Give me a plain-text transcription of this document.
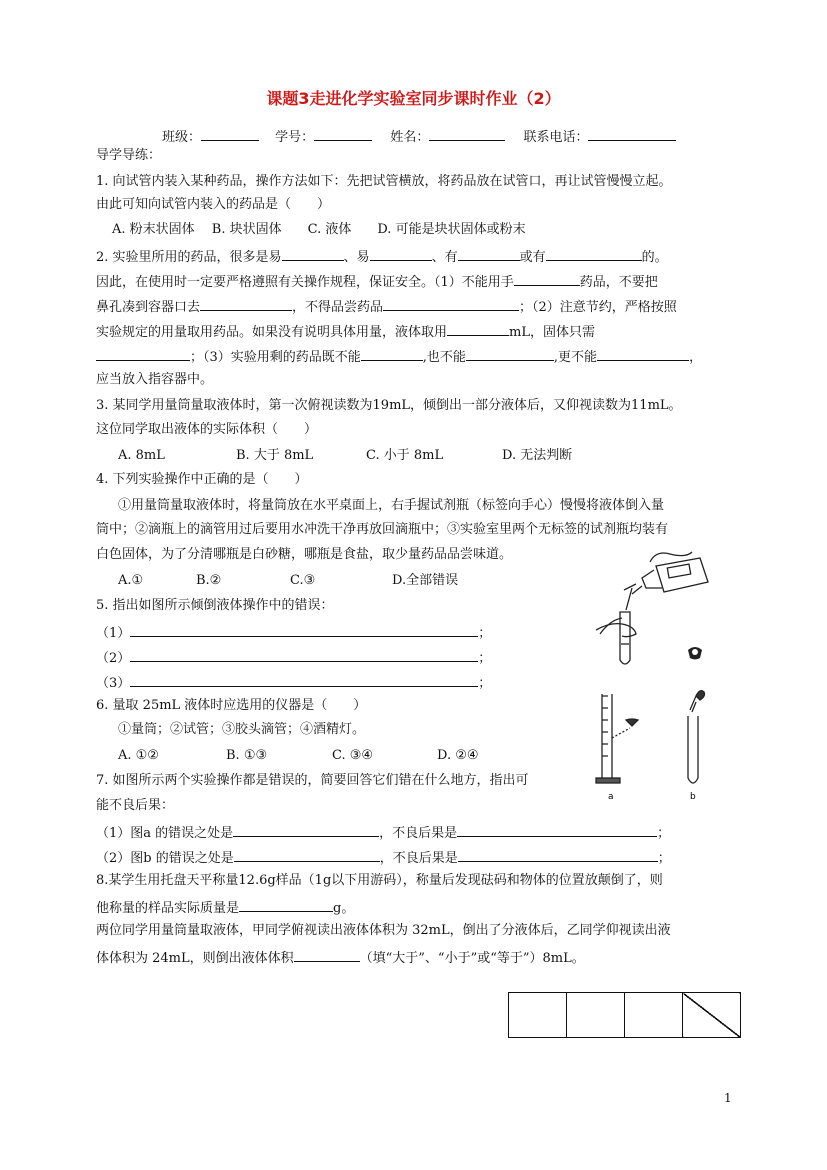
课题3走进化学实验室同步课时作业（2）
班级：	学号：	姓名：	联系电话：
导学导练：
1. 向试管内装入某种药品，操作方法如下：先把试管横放，将药品放在试管口，再让试管慢慢立起。
由此可知向试管内装入的药品是（　　）
A. 粉末状固体　 B. 块状固体　　C. 液体　　D. 可能是块状固体或粉末
2. 实验里所用的药品，很多是易	、易	、有	或有	的。
因此，在使用时一定要严格遵照有关操作规程，保证安全。（1）不能用手	药品，不要把
鼻孔凑到容器口去	，不得品尝药品	；（2）注意节约，严格按照
实验规定的用量取用药品。如果没有说明具体用量，液体取用	mL，固体只需
；（3）实验用剩的药品既不能	,也不能	,更不能	，
应当放入指容器中。
3. 某同学用量筒量取液体时，第一次俯视读数为19mL，倾倒出一部分液体后，又仰视读数为11mL。
这位同学取出液体的实际体积（　　）
A. 8mL	B. 大于 8mL	C. 小于 8mL	D. 无法判断
4. 下列实验操作中正确的是（　　）
①用量筒量取液体时，将量筒放在水平桌面上，右手握试剂瓶（标签向手心）慢慢将液体倒入量
筒中；②滴瓶上的滴管用过后要用水冲洗干净再放回滴瓶中；③实验室里两个无标签的试剂瓶均装有
白色固体，为了分清哪瓶是白砂糖，哪瓶是食盐，取少量药品品尝味道。
A.①	B.②	C.③	D.全部错误
5. 指出如图所示倾倒液体操作中的错误：
（1）	；
（2）	；
（3）	；
6. 量取 25mL 液体时应选用的仪器是（　　）
①量筒；②试管；③胶头滴管；④酒精灯。
A. ①②	B. ①③	C. ③④	D. ②④
7. 如图所示两个实验操作都是错误的，简要回答它们错在什么地方，指出可
能不良后果：
（1）图a 的错误之处是	，不良后果是	；
（2）图b 的错误之处是	，不良后果是	；
8.某学生用托盘天平称量12.6g样品（1g以下用游码），称量后发现砝码和物体的位置放颠倒了，则
他称量的样品实际质量是	g。
两位同学用量筒量取液体，甲同学俯视读出液体体积为 32mL，倒出了分液体后，乙同学仰视读出液
体体积为 24mL，则倒出液体体积	（填“大于”、“小于”或“等于”）8mL。
a	b

1
